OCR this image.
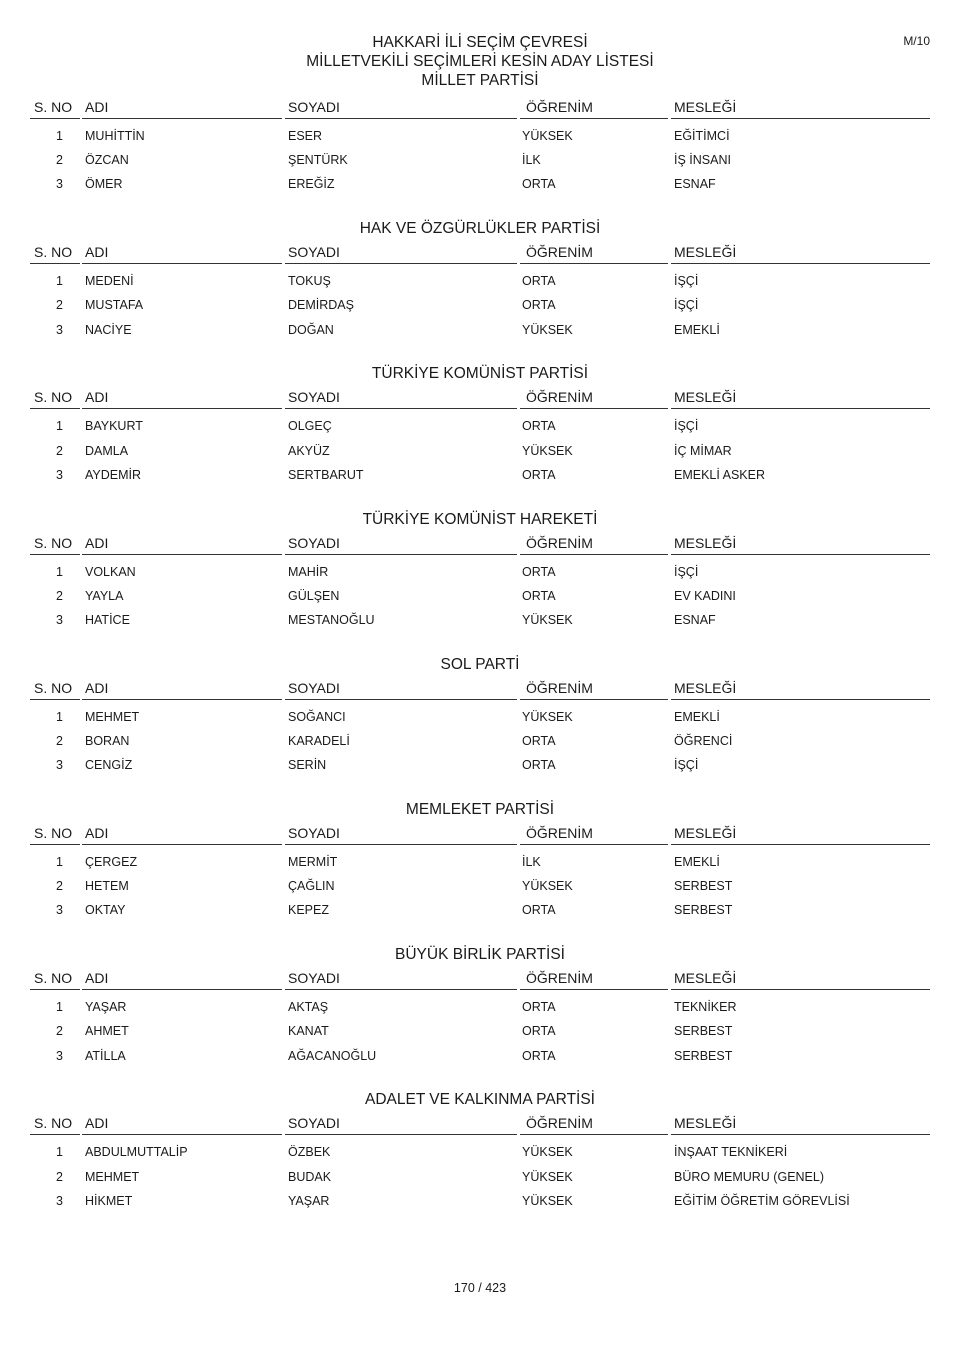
M/10
HAKKARİ İLİ SEÇİM ÇEVRESİ
MİLLETVEKİLİ SEÇİMLERİ KESİN ADAY LİSTESİ
MİLLET PARTİSİ
S. NO ADI	SOYADI	ÖĞRENİM	MESLEĞİ
1 MUHİTTİN	ESER	YÜKSEK	EĞİTİMCİ
2 ÖZCAN	ŞENTÜRK	İLK	İŞ İNSANI
3 ÖMER	EREĞİZ	ORTA	ESNAF
HAK VE ÖZGÜRLÜKLER PARTİSİ
S. NO ADI	SOYADI	ÖĞRENİM	MESLEĞİ
1 MEDENİ	TOKUŞ	ORTA	İŞÇİ
2 MUSTAFA	DEMİRDAŞ	ORTA	İŞÇİ
3 NACİYE	DOĞAN	YÜKSEK	EMEKLİ
TÜRKİYE KOMÜNİST PARTİSİ
S. NO ADI	SOYADI	ÖĞRENİM	MESLEĞİ
1 BAYKURT	OLGEÇ	ORTA	İŞÇİ
2 DAMLA	AKYÜZ	YÜKSEK	İÇ MİMAR
3 AYDEMİR	SERTBARUT	ORTA	EMEKLİ ASKER
TÜRKİYE KOMÜNİST HAREKETİ
S. NO ADI	SOYADI	ÖĞRENİM	MESLEĞİ
1 VOLKAN	MAHİR	ORTA	İŞÇİ
2 YAYLA	GÜLŞEN	ORTA	EV KADINI
3 HATİCE	MESTANOĞLU	YÜKSEK	ESNAF
SOL PARTİ
S. NO ADI	SOYADI	ÖĞRENİM	MESLEĞİ
1 MEHMET	SOĞANCI	YÜKSEK	EMEKLİ
2 BORAN	KARADELİ	ORTA	ÖĞRENCİ
3 CENGİZ	SERİN	ORTA	İŞÇİ
MEMLEKET PARTİSİ
S. NO ADI	SOYADI	ÖĞRENİM	MESLEĞİ
1 ÇERGEZ	MERMİT	İLK	EMEKLİ
2 HETEM	ÇAĞLIN	YÜKSEK	SERBEST
3 OKTAY	KEPEZ	ORTA	SERBEST
BÜYÜK BİRLİK PARTİSİ
S. NO ADI	SOYADI	ÖĞRENİM	MESLEĞİ
1 YAŞAR	AKTAŞ	ORTA	TEKNİKER
2 AHMET	KANAT	ORTA	SERBEST
3 ATİLLA	AĞACANOĞLU	ORTA	SERBEST
ADALET VE KALKINMA PARTİSİ
S. NO ADI	SOYADI	ÖĞRENİM	MESLEĞİ
1 ABDULMUTTALİP	ÖZBEK	YÜKSEK	İNŞAAT TEKNİKERİ
2 MEHMET	BUDAK	YÜKSEK	BÜRO MEMURU (GENEL)
3 HİKMET	YAŞAR	YÜKSEK	EĞİTİM ÖĞRETİM GÖREVLİSİ
170 / 423
